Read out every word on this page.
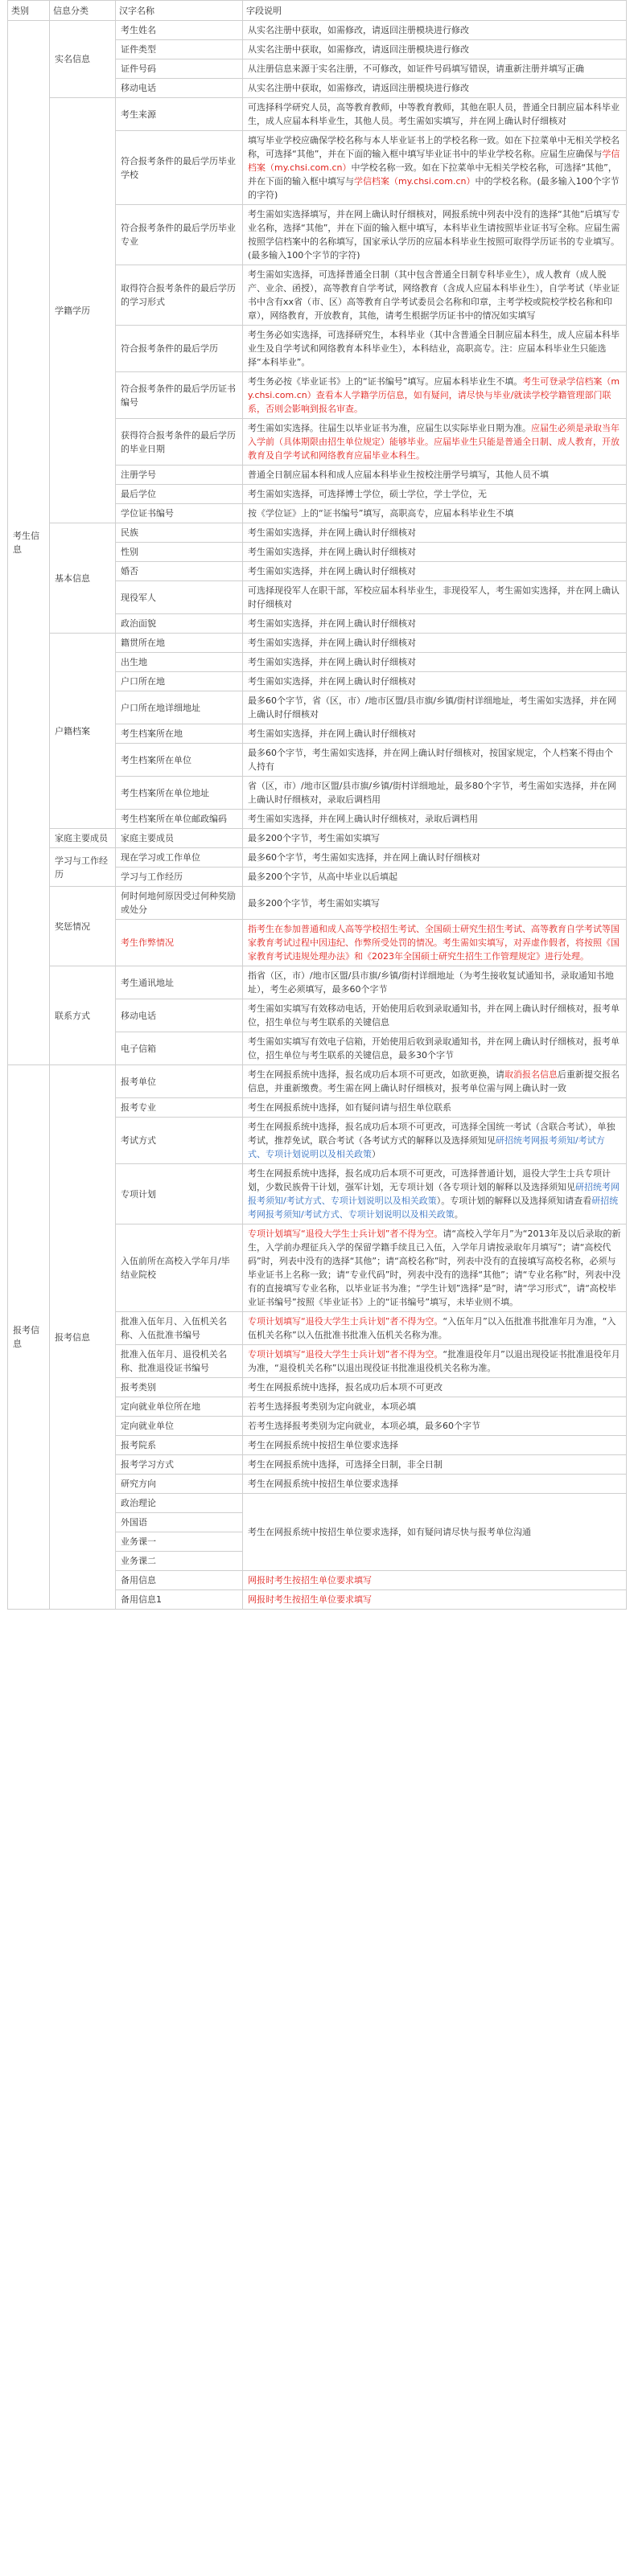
类别	信息分类	汉字名称	字段说明
考生信息	实名信息	考生姓名	从实名注册中获取，如需修改，请返回注册模块进行修改
		证件类型	从实名注册中获取，如需修改，请返回注册模块进行修改
		证件号码	从注册信息来源于实名注册，不可修改，如证件号码填写错误，请重新注册并填写正确
		移动电话	从实名注册中获取，如需修改，请返回注册模块进行修改
	学籍学历	考生来源	可选择科学研究人员，高等教育教师，中等教育教师，其他在职人员，普通全日制应届本科毕业生，成人应届本科毕业生，其他人员。考生需如实填写，并在网上确认时仔细核对
		符合报考条件的最后学历毕业学校	填写毕业学校应确保学校名称与本人毕业证书上的学校名称一致。如在下拉菜单中无相关学校名称，可选择“其他”，并在下面的输入框中填写毕业证书中的毕业学校名称。应届生应确保与学信档案（my.chsi.com.cn）中学校名称一致。如在下拉菜单中无相关学校名称，可选择“其他”，并在下面的输入框中填写与学信档案（my.chsi.com.cn）中的学校名称。(最多输入100个字节的字符)
		符合报考条件的最后学历毕业专业	考生需如实选择填写，并在网上确认时仔细核对，网报系统中列表中没有的选择“其他”后填写专业名称，选择“其他”，并在下面的输入框中填写，本科毕业生请按照毕业证书写全称。应届生需按照学信档案中的名称填写，国家承认学历的应届本科毕业生按照可取得学历证书的专业填写。(最多输入100个字节的字符)
		取得符合报考条件的最后学历的学习形式	考生需如实选择，可选择普通全日制（其中包含普通全日制专科毕业生），成人教育（成人脱产、业余、函授），高等教育自学考试，网络教育（含成人应届本科毕业生），自学考试（毕业证书中含有xx省（市、区）高等教育自学考试委员会名称和印章，主考学校或院校学校名称和印章），网络教育，开放教育，其他，请考生根据学历证书中的情况如实填写
		符合报考条件的最后学历	考生务必如实选择，可选择研究生，本科毕业（其中含普通全日制应届本科生，成人应届本科毕业生及自学考试和网络教育本科毕业生），本科结业，高职高专。注：应届本科毕业生只能选择“本科毕业”。
		符合报考条件的最后学历证书编号	考生务必按《毕业证书》上的“证书编号”填写。应届本科毕业生不填。考生可登录学信档案（my.chsi.com.cn）查看本人学籍学历信息，如有疑问，请尽快与毕业/就读学校学籍管理部门联系，否则会影响到报名审查。
		获得符合报考条件的最后学历的毕业日期	考生需如实选择。往届生以毕业证书为准，应届生以实际毕业日期为准。应届生必须是录取当年入学前（具体期限由招生单位规定）能够毕业。应届毕业生只能是普通全日制、成人教育，开放教育及自学考试和网络教育应届毕业本科生。
		注册学号	普通全日制应届本科和成人应届本科毕业生按校注册学号填写，其他人员不填
		最后学位	考生需如实选择，可选择博士学位，硕士学位，学士学位，无
		学位证书编号	按《学位证》上的“证书编号”填写，高职高专，应届本科毕业生不填
	基本信息	民族	考生需如实选择，并在网上确认时仔细核对
		性别	考生需如实选择，并在网上确认时仔细核对
		婚否	考生需如实选择，并在网上确认时仔细核对
		现役军人	可选择现役军人在职干部，军校应届本科毕业生，非现役军人，考生需如实选择，并在网上确认时仔细核对
		政治面貌	考生需如实选择，并在网上确认时仔细核对
	户籍档案	籍贯所在地	考生需如实选择，并在网上确认时仔细核对
		出生地	考生需如实选择，并在网上确认时仔细核对
		户口所在地	考生需如实选择，并在网上确认时仔细核对
		户口所在地详细地址	最多60个字节，省（区，市）/地市区盟/县市旗/乡镇/街村详细地址，考生需如实选择，并在网上确认时仔细核对
		考生档案所在地	考生需如实选择，并在网上确认时仔细核对
		考生档案所在单位	最多60个字节，考生需如实选择，并在网上确认时仔细核对，按国家规定，个人档案不得由个人持有
		考生档案所在单位地址	省（区，市）/地市区盟/县市旗/乡镇/街村详细地址，最多80个字节，考生需如实选择，并在网上确认时仔细核对，录取后调档用
		考生档案所在单位邮政编码	考生需如实选择，并在网上确认时仔细核对，录取后调档用
	家庭主要成员	家庭主要成员	最多200个字节，考生需如实填写
	学习与工作经历	现在学习或工作单位	最多60个字节，考生需如实选择，并在网上确认时仔细核对
		学习与工作经历	最多200个字节，从高中毕业以后填起
	奖惩情况	何时何地何原因受过何种奖励或处分	最多200个字节，考生需如实填写
		考生作弊情况	指考生在参加普通和成人高等学校招生考试、全国硕士研究生招生考试、高等教育自学考试等国家教育考试过程中因违纪、作弊所受处罚的情况。考生需如实填写，对弄虚作假者，将按照《国家教育考试违规处理办法》和《2023年全国硕士研究生招生工作管理规定》进行处理。
	联系方式	考生通讯地址	指省（区，市）/地市区盟/县市旗/乡镇/街村详细地址（为考生接收复试通知书，录取通知书地址），考生必须填写，最多60个字节
		移动电话	考生需如实填写有效移动电话，开始使用后收到录取通知书，并在网上确认时仔细核对，报考单位，招生单位与考生联系的关键信息
		电子信箱	考生需如实填写有效电子信箱，开始使用后收到录取通知书，并在网上确认时仔细核对，报考单位，招生单位与考生联系的关键信息，最多30个字节
报考信息	报考信息	报考单位	考生在网报系统中选择，报名成功后本项不可更改，如欲更换，请取消报名信息后重新提交报名信息，并重新缴费。考生需在网上确认时仔细核对，报考单位需与网上确认时一致
		报考专业	考生在网报系统中选择，如有疑问请与招生单位联系
		考试方式	考生在网报系统中选择，报名成功后本项不可更改，可选择全国统一考试（含联合考试），单独考试，推荐免试，联合考试（各考试方式的解释以及选择须知见研招统考网报考须知/考试方式、专项计划说明以及相关政策）
		专项计划	考生在网报系统中选择，报名成功后本项不可更改，可选择普通计划，退役大学生士兵专项计划，少数民族骨干计划，强军计划，无专项计划（各专项计划的解释以及选择须知见研招统考网报考须知/考试方式、专项计划说明以及相关政策）。专项计划的解释以及选择须知请查看研招统考网报考须知/考试方式、专项计划说明以及相关政策。
		入伍前所在高校入学年月/毕结业院校	专项计划填写“退役大学生士兵计划”者不得为空。请“高校入学年月”为“2013年及以后录取的新生，入学前办理征兵入学的保留学籍手续且已入伍，入学年月请按录取年月填写”；请“高校代码”时，列表中没有的选择“其他”；请“高校名称”时，列表中没有的直接填写高校名称，必须与毕业证书上名称一致；请“专业代码”时，列表中没有的选择“其他”；请“专业名称”时，列表中没有的直接填写专业名称，以毕业证书为准；“学生计划”选择“是”时，请“学习形式”，请“高校毕业证书编号”按照《毕业证书》上的“证书编号”填写，未毕业则不填。
		批准入伍年月、入伍机关名称、入伍批准书编号	专项计划填写“退役大学生士兵计划”者不得为空。“入伍年月”以入伍批准书批准年月为准，“入伍机关名称”以入伍批准书批准入伍机关名称为准。
		批准入伍年月、退役机关名称、批准退役证书编号	专项计划填写“退役大学生士兵计划”者不得为空。“批准退役年月”以退出现役证书批准退役年月为准，“退役机关名称”以退出现役证书批准退役机关名称为准。
		报考类别	考生在网报系统中选择，报名成功后本项不可更改
		定向就业单位所在地	若考生选择报考类别为定向就业，本项必填
		定向就业单位	若考生选择报考类别为定向就业，本项必填，最多60个字节
		报考院系	考生在网报系统中按招生单位要求选择
		报考学习方式	考生在网报系统中选择，可选择全日制，非全日制
		研究方向	考生在网报系统中按招生单位要求选择
		政治理论	考生在网报系统中按招生单位要求选择，如有疑问请尽快与报考单位沟通
		外国语	
		业务课一	
		业务课二	
		备用信息	网报时考生按招生单位要求填写
		备用信息1	网报时考生按招生单位要求填写
